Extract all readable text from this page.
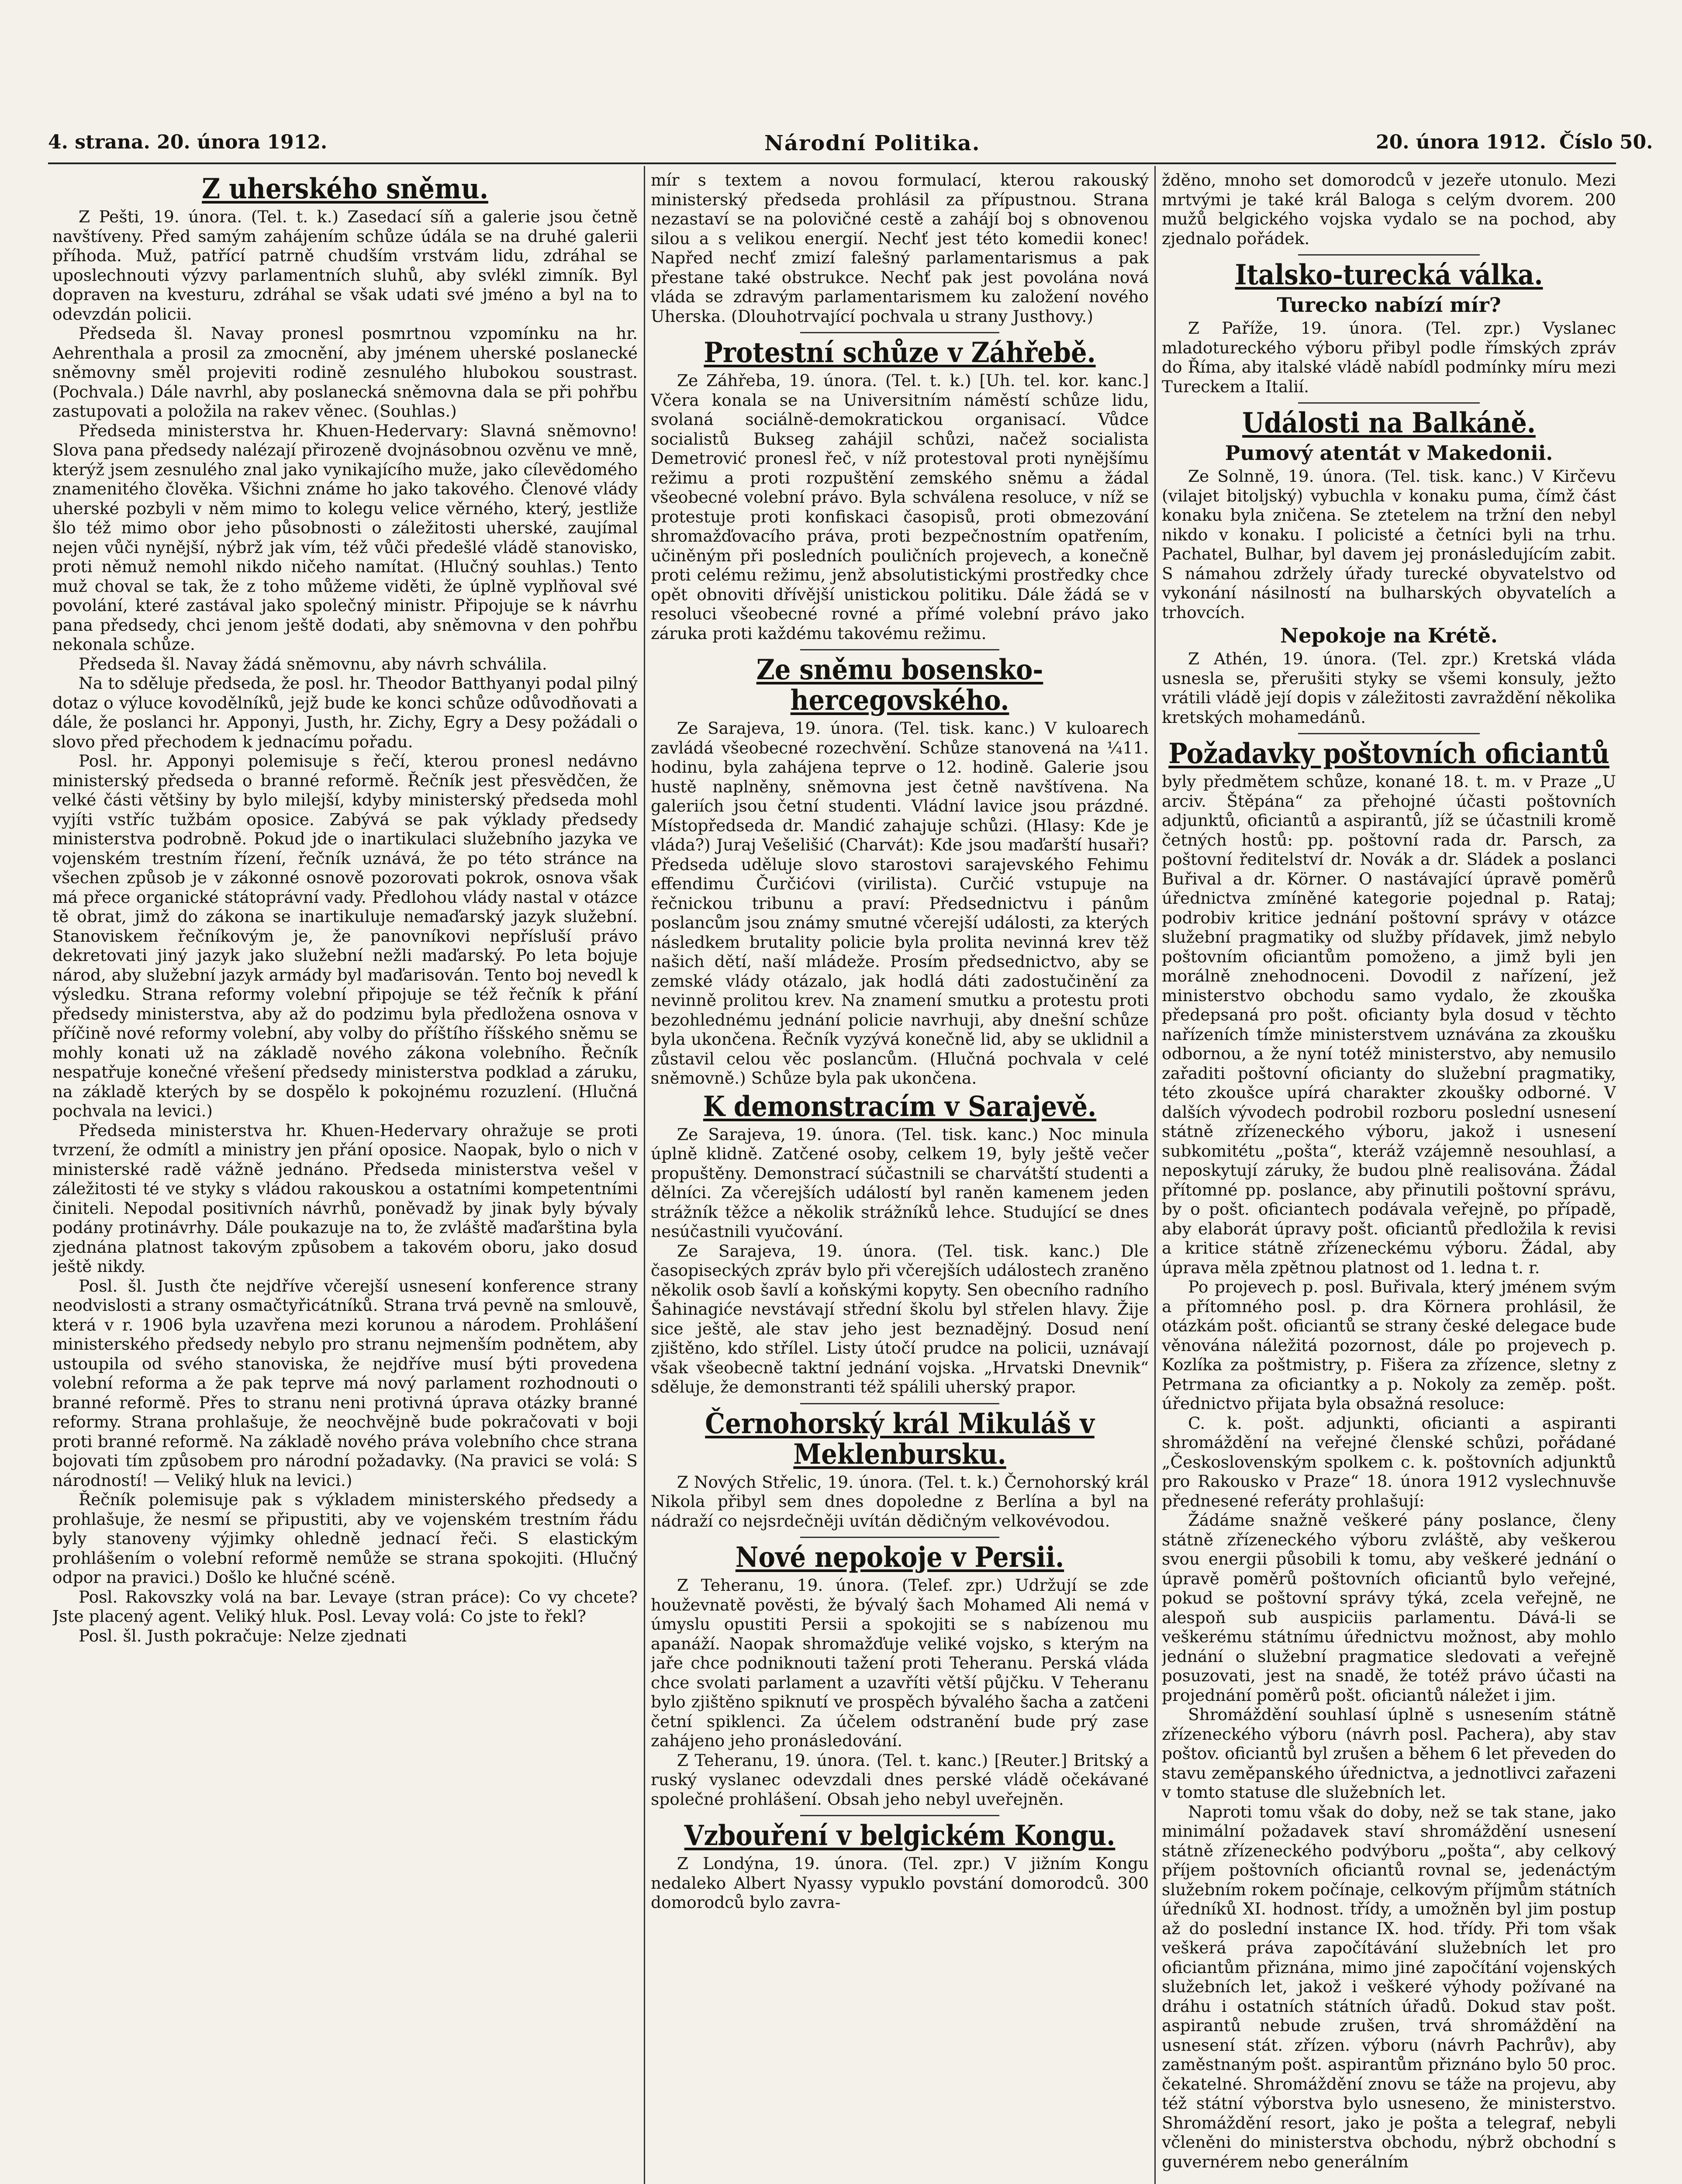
4. strana. 20. února 1912.	Národní Politika.	20. února 1912. Číslo 50.
Z uherského sněmu.

Z Pešti, 19. února. (Tel. t. k.) Zasedací síň a galerie jsou četně navštíveny. Před samým zahájením schůze údála se na druhé galerii příhoda. Muž, patřící patrně chudším vrstvám lidu, zdráhal se uposlechnouti výzvy parlamentních sluhů, aby svlékl zimník. Byl dopraven na kvesturu, zdráhal se však udati své jméno a byl na to odevzdán policii.

Předseda šl. Navay pronesl posmrtnou vzpomínku na hr. Aehrenthala a prosil za zmocnění, aby jménem uherské poslanecké sněmovny směl projeviti rodině zesnulého hlubokou soustrast. (Pochvala.) Dále navrhl, aby poslanecká sněmovna dala se při pohřbu zastupovati a položila na rakev věnec. (Souhlas.)

Předseda ministerstva hr. Khuen-Hedervary: Slavná sněmovno! Slova pana předsedy nalézají přirozeně dvojnásobnou ozvěnu ve mně, kterýž jsem zesnulého znal jako vynikajícího muže, jako cílevědomého znamenitého člověka. Všichni známe ho jako takového. Členové vlády uherské pozbyli v něm mimo to kolegu velice věrného, který, jestliže šlo též mimo obor jeho působnosti o záležitosti uherské, zaujímal nejen vůči nynější, nýbrž jak vím, též vůči předešlé vládě stanovisko, proti němuž nemohl nikdo ničeho namítat. (Hlučný souhlas.) Tento muž choval se tak, že z toho můžeme viděti, že úplně vyplňoval své povolání, které zastával jako společný ministr. Připojuje se k návrhu pana předsedy, chci jenom ještě dodati, aby sněmovna v den pohřbu nekonala schůze.

Předseda šl. Navay žádá sněmovnu, aby návrh schválila.

Na to sděluje předseda, že posl. hr. Theodor Batthyanyi podal pilný dotaz o výluce kovodělníků, jejž bude ke konci schůze odůvodňovati a dále, že poslanci hr. Apponyi, Justh, hr. Zichy, Egry a Desy požádali o slovo před přechodem k jednacímu pořadu.

Posl. hr. Apponyi polemisuje s řečí, kterou pronesl nedávno ministerský předseda o branné reformě. Řečník jest přesvědčen, že velké části většiny by bylo milejší, kdyby ministerský předseda mohl vyjíti vstříc tužbám oposice. Zabývá se pak výklady předsedy ministerstva podrobně. Pokud jde o inartikulaci služebního jazyka ve vojenském trestním řízení, řečník uznává, že po této stránce na všechen způsob je v zákonné osnově pozorovati pokrok, osnova však má přece organické státoprávní vady. Předlohou vlády nastal v otázce tě obrat, jimž do zákona se inartikuluje nemaďarský jazyk služební. Stanoviskem řečníkovým je, že panovníkovi nepřísluší právo dekretovati jiný jazyk jako služební nežli maďarský. Po leta bojuje národ, aby služební jazyk armády byl maďarisován. Tento boj nevedl k výsledku. Strana reformy volební připojuje se též řečník k přání předsedy ministerstva, aby až do podzimu byla předložena osnova v příčině nové reformy volební, aby volby do příštího říšského sněmu se mohly konati už na základě nového zákona volebního. Řečník nespatřuje konečné vřešení předsedy ministerstva podklad a záruku, na základě kterých by se dospělo k pokojnému rozuzlení. (Hlučná pochvala na levici.)

Předseda ministerstva hr. Khuen-Hedervary ohražuje se proti tvrzení, že odmítl a ministry jen přání oposice. Naopak, bylo o nich v ministerské radě vážně jednáno. Předseda ministerstva vešel v záležitosti té ve styky s vládou rakouskou a ostatními kompetentními činiteli. Nepodal positivních návrhů, poněvadž by jinak byly bývaly podány protinávrhy. Dále poukazuje na to, že zvláště maďarština byla zjednána platnost takovým způsobem a takovém oboru, jako dosud ještě nikdy.

Posl. šl. Justh čte nejdříve včerejší usnesení konference strany neodvislosti a strany osmačtyřicátníků. Strana trvá pevně na smlouvě, která v r. 1906 byla uzavřena mezi korunou a národem. Prohlášení ministerského předsedy nebylo pro stranu nejmenším podnětem, aby ustoupila od svého stanoviska, že nejdříve musí býti provedena volební reforma a že pak teprve má nový parlament rozhodnouti o branné reformě. Přes to stranu neni protivná úprava otázky branné reformy. Strana prohlašuje, že neochvějně bude pokračovati v boji proti branné reformě. Na základě nového práva volebního chce strana bojovati tím způsobem pro národní požadavky. (Na pravici se volá: S národností! — Veliký hluk na levici.)

Řečník polemisuje pak s výkladem ministerského předsedy a prohlašuje, že nesmí se připustiti, aby ve vojenském trestním řádu byly stanoveny výjimky ohledně jednací řeči. S elastickým prohlášením o volební reformě nemůže se strana spokojiti. (Hlučný odpor na pravici.) Došlo ke hlučné scéně.

Posl. Rakovszky volá na bar. Levaye (stran práce): Co vy chcete? Jste placený agent. Veliký hluk. Posl. Levay volá: Co jste to řekl?

Posl. šl. Justh pokračuje: Nelze zjednati

mír s textem a novou formulací, kterou rakouský ministerský předseda prohlásil za přípustnou. Strana nezastaví se na polovičné cestě a zahájí boj s obnovenou silou a s velikou energií. Nechť jest této komedii konec! Napřed nechť zmizí falešný parlamentarismus a pak přestane také obstrukce. Nechť pak jest povolána nová vláda se zdravým parlamentarismem ku založení nového Uherska. (Dlouhotrvající pochvala u strany Justhovy.)

Protestní schůze v Záhřebě.

Ze Záhřeba, 19. února. (Tel. t. k.) [Uh. tel. kor. kanc.] Včera konala se na Universitním náměstí schůze lidu, svolaná sociálně-demokratickou organisací. Vůdce socialistů Bukseg zahájil schůzi, načež socialista Demetrović pronesl řeč, v níž protestoval proti nynějšímu režimu a proti rozpuštění zemského sněmu a žádal všeobecné volební právo. Byla schválena resoluce, v níž se protestuje proti konfiskaci časopisů, proti obmezování shromažďovacího práva, proti bezpečnostním opatřením, učiněným při posledních pouličních projevech, a konečně proti celému režimu, jenž absolutistickými prostředky chce opět obnoviti dřívější unistickou politiku. Dále žádá se v resoluci všeobecné rovné a přímé volební právo jako záruka proti každému takovému režimu.

Ze sněmu bosensko-hercegovského.

Ze Sarajeva, 19. února. (Tel. tisk. kanc.) V kuloarech zavládá všeobecné rozechvění. Schůze stanovená na ¼11. hodinu, byla zahájena teprve o 12. hodině. Galerie jsou hustě naplněny, sněmovna jest četně navštívena. Na galeriích jsou četní studenti. Vládní lavice jsou prázdné. Místopředseda dr. Mandić zahajuje schůzi. (Hlasy: Kde je vláda?) Juraj Vešelišić (Charvát): Kde jsou maďarští husaři? Předseda uděluje slovo starostovi sarajevského Fehimu effendimu Čurčićovi (virilista). Curčić vstupuje na řečnickou tribunu a praví: Předsednictvu i pánům poslancům jsou známy smutné včerejší události, za kterých následkem brutality policie byla prolita nevinná krev těž našich dětí, naší mládeže. Prosím předsednictvo, aby se zemské vlády otázalo, jak hodlá dáti zadostučinění za nevinně prolitou krev. Na znamení smutku a protestu proti bezohlednému jednání policie navrhuji, aby dnešní schůze byla ukončena. Řečník vyzývá konečně lid, aby se uklidnil a zůstavil celou věc poslancům. (Hlučná pochvala v celé sněmovně.) Schůze byla pak ukončena.

K demonstracím v Sarajevě.

Ze Sarajeva, 19. února. (Tel. tisk. kanc.) Noc minula úplně klidně. Zatčené osoby, celkem 19, byly ještě večer propuštěny. Demonstrací súčastnili se charvátští studenti a dělníci. Za včerejších událostí byl raněn kamenem jeden strážník těžce a několik strážníků lehce. Studující se dnes nesúčastnili vyučování.

Ze Sarajeva, 19. února. (Tel. tisk. kanc.) Dle časopiseckých zpráv bylo při včerejších událostech zraněno několik osob šavlí a koňskými kopyty. Sen obecního radního Šahinagiće nevstávají střední školu byl střelen hlavy. Žije sice ještě, ale stav jeho jest beznadějný. Dosud není zjištěno, kdo střílel. Listy útočí prudce na policii, uznávají však všeobecně taktní jednání vojska. „Hrvatski Dnevnik“ sděluje, že demonstranti též spálili uherský prapor.

Černohorský král Mikuláš v Meklenbursku.

Z Nových Střelic, 19. února. (Tel. t. k.) Černohorský král Nikola přibyl sem dnes dopoledne z Berlína a byl na nádraží co nejsrdečněji uvítán dědičným velkovévodou.

Nové nepokoje v Persii.

Z Teheranu, 19. února. (Telef. zpr.) Udržují se zde houževnatě pověsti, že bývalý šach Mohamed Ali nemá v úmyslu opustiti Persii a spokojiti se s nabízenou mu apanáží. Naopak shromažďuje veliké vojsko, s kterým na jaře chce podniknouti tažení proti Teheranu. Perská vláda chce svolati parlament a uzavříti větší půjčku. V Teheranu bylo zjištěno spiknutí ve prospěch bývalého šacha a zatčeni četní spiklenci. Za účelem odstranění bude prý zase zahájeno jeho pronásledování.

Z Teheranu, 19. února. (Tel. t. kanc.) [Reuter.] Britský a ruský vyslanec odevzdali dnes perské vládě očekávané společné prohlášení. Obsah jeho nebyl uveřejněn.

Vzbouření v belgickém Kongu.

Z Londýna, 19. února. (Tel. zpr.) V jižním Kongu nedaleko Albert Nyassy vypuklo povstání domorodců. 300 domorodců bylo zavra-

žděno, mnoho set domorodců v jezeře utonulo. Mezi mrtvými je také král Baloga s celým dvorem. 200 mužů belgického vojska vydalo se na pochod, aby zjednalo pořádek.

Italsko-turecká válka.
Turecko nabízí mír?

Z Paříže, 19. února. (Tel. zpr.) Vyslanec mladotureckého výboru přibyl podle římských zpráv do Říma, aby italské vládě nabídl podmínky míru mezi Tureckem a Italií.

Události na Balkáně.
Pumový atentát v Makedonii.

Ze Solnně, 19. února. (Tel. tisk. kanc.) V Kirčevu (vilajet bitoljský) vybuchla v konaku puma, čímž část konaku byla zničena. Se ztetelem na tržní den nebyl nikdo v konaku. I policisté a četníci byli na trhu. Pachatel, Bulhar, byl davem jej pronásledujícím zabit. S námahou zdržely úřady turecké obyvatelstvo od vykonání násilností na bulharských obyvatelích a trhovcích.

Nepokoje na Krétě.

Z Athén, 19. února. (Tel. zpr.) Kretská vláda usnesla se, přerušiti styky se všemi konsuly, ježto vrátili vládě její dopis v záležitosti zavraždění několika kretských mohamedánů.

Požadavky poštovních oficiantů

byly předmětem schůze, konané 18. t. m. v Praze „U arciv. Štěpána“ za přehojné účasti poštovních adjunktů, oficiantů a aspirantů, jíž se účastnili kromě četných hostů: pp. poštovní rada dr. Parsch, za poštovní ředitelství dr. Novák a dr. Sládek a poslanci Buřival a dr. Körner. O nastávající úpravě poměrů úřednictva zmíněné kategorie pojednal p. Rataj; podrobiv kritice jednání poštovní správy v otázce služební pragmatiky od služby přídavek, jimž nebylo poštovním oficiantům pomoženo, a jimž byli jen morálně znehodnoceni. Dovodil z nařízení, jež ministerstvo obchodu samo vydalo, že zkouška předepsaná pro pošt. oficianty byla dosud v těchto nařízeních tímže ministerstvem uznávána za zkoušku odbornou, a že nyní totéž ministerstvo, aby nemusilo zařaditi poštovní oficianty do služební pragmatiky, této zkoušce upírá charakter zkoušky odborné. V dalších vývodech podrobil rozboru poslední usnesení státně zřízeneckého výboru, jakož i usnesení subkomitétu „pošta“, kteráž vzájemně nesouhlasí, a neposkytují záruky, že budou plně realisována. Žádal přítomné pp. poslance, aby přinutili poštovní správu, by o pošt. oficiantech podávala veřejně, po případě, aby elaborát úpravy pošt. oficiantů předložila k revisi a kritice státně zřízeneckému výboru. Žádal, aby úprava měla zpětnou platnost od 1. ledna t. r.

Po projevech p. posl. Buřivala, který jménem svým a přítomného posl. p. dra Körnera prohlásil, že otázkám pošt. oficiantů se strany české delegace bude věnována náležitá pozornost, dále po projevech p. Kozlíka za poštmistry, p. Fišera za zřízence, sletny z Petrmana za oficiantky a p. Nokoly za zeměp. pošt. úřednictvo přijata byla obsažná resoluce:

C. k. pošt. adjunkti, oficianti a aspiranti shromáždění na veřejné členské schůzi, pořádané „Československým spolkem c. k. poštovních adjunktů pro Rakousko v Praze“ 18. února 1912 vyslechnuvše přednesené referáty prohlašují:

Žádáme snažně veškeré pány poslance, členy státně zřízeneckého výboru zvláště, aby veškerou svou energii působili k tomu, aby veškeré jednání o úpravě poměrů poštovních oficiantů bylo veřejné, pokud se poštovní správy týká, zcela veřejně, ne alespoň sub auspiciis parlamentu. Dává-li se veškerému státnímu úřednictvu možnost, aby mohlo jednání o služební pragmatice sledovati a veřejně posuzovati, jest na snadě, že totéž právo účasti na projednání poměrů pošt. oficiantů náležet i jim.

Shromáždění souhlasí úplně s usnesením státně zřízeneckého výboru (návrh posl. Pachera), aby stav poštov. oficiantů byl zrušen a během 6 let převeden do stavu zeměpanského úřednictva, a jednotlivci zařazeni v tomto statuse dle služebních let.

Naproti tomu však do doby, než se tak stane, jako minimální požadavek staví shromáždění usnesení státně zřízeneckého podvýboru „pošta“, aby celkový příjem poštovních oficiantů rovnal se, jedenáctým služebním rokem počínaje, celkovým příjmům státních úředníků XI. hodnost. třídy, a umožněn byl jim postup až do poslední instance IX. hod. třídy. Při tom však veškerá práva započítávání služebních let pro oficiantům přiznána, mimo jiné započítání vojenských služebních let, jakož i veškeré výhody požívané na dráhu i ostatních státních úřadů. Dokud stav pošt. aspirantů nebude zrušen, trvá shromáždění na usnesení stát. zřízen. výboru (návrh Pachrův), aby zaměstnaným pošt. aspirantům přiznáno bylo 50 proc. čekatelné. Shromáždění znovu se táže na projevu, aby též státní výborstva bylo usneseno, že ministerstvo. Shromáždění resort, jako je pošta a telegraf, nebyli včleněni do ministerstva obchodu, nýbrž obchodní s guvernérem nebo generálním
